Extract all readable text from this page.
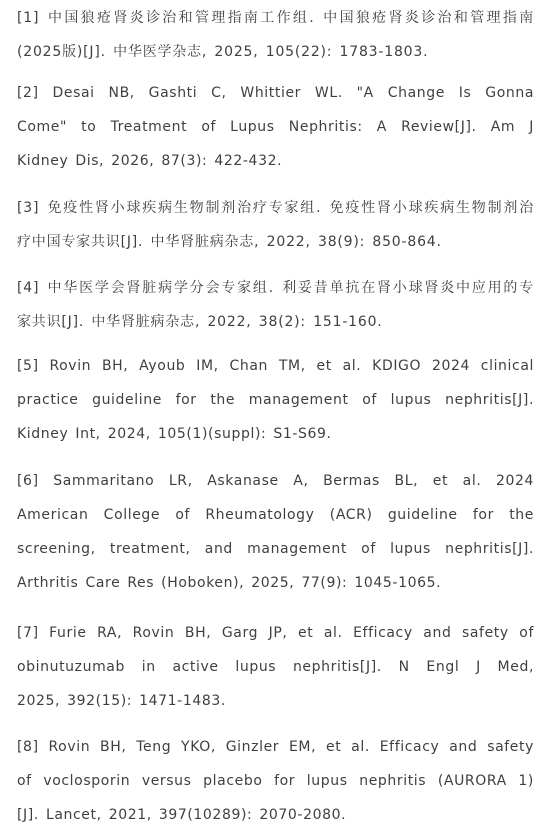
[1] 中国狼疮肾炎诊治和管理指南工作组. 中国狼疮肾炎诊治和管理指南
(2025版)[J]. 中华医学杂志, 2025, 105(22): 1783-1803.
[2] Desai NB, Gashti C, Whittier WL. "A Change Is Gonna
Come" to Treatment of Lupus Nephritis: A Review[J]. Am J
Kidney Dis, 2026, 87(3): 422-432.
[3] 免疫性肾小球疾病生物制剂治疗专家组. 免疫性肾小球疾病生物制剂治
疗中国专家共识[J]. 中华肾脏病杂志, 2022, 38(9): 850-864.
[4] 中华医学会肾脏病学分会专家组. 利妥昔单抗在肾小球肾炎中应用的专
家共识[J]. 中华肾脏病杂志, 2022, 38(2): 151-160.
[5] Rovin BH, Ayoub IM, Chan TM, et al. KDIGO 2024 clinical
practice guideline for the management of lupus nephritis[J].
Kidney Int, 2024, 105(1)(suppl): S1-S69.
[6] Sammaritano LR, Askanase A, Bermas BL, et al. 2024
American College of Rheumatology (ACR) guideline for the
screening, treatment, and management of lupus nephritis[J].
Arthritis Care Res (Hoboken), 2025, 77(9): 1045-1065.
[7] Furie RA, Rovin BH, Garg JP, et al. Efficacy and safety of
obinutuzumab in active lupus nephritis[J]. N Engl J Med,
2025, 392(15): 1471-1483.
[8] Rovin BH, Teng YKO, Ginzler EM, et al. Efficacy and safety
of voclosporin versus placebo for lupus nephritis (AURORA 1)
[J]. Lancet, 2021, 397(10289): 2070-2080.
